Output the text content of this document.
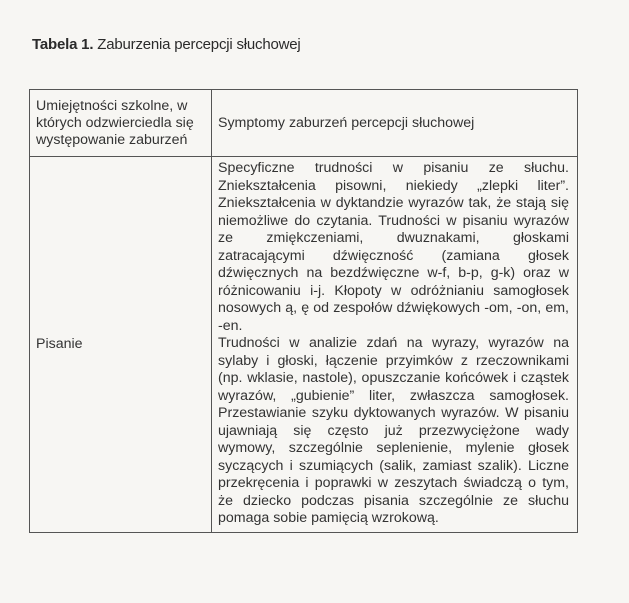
Tabela 1. Zaburzenia percepcji słuchowej
Umiejętności szkolne, w których odzwierciedla się występowanie zaburzeń	Symptomy zaburzeń percepcji słuchowej
Pisanie	Specyficzne trudności w pisaniu ze słuchu. Zniekształcenia pisowni, niekiedy „zlepki liter”. Zniekształcenia w dyktandzie wyrazów tak, że stają się niemożliwe do czytania. Trudności w pisaniu wyrazów ze zmiękczeniami, dwuznakami, głoskami zatracającymi dźwięczność (zamiana głosek dźwięcznych na bezdźwięczne w-f, b-p, g-k) oraz w różnicowaniu i-j. Kłopoty w odróżnianiu samogłosek nosowych ą, ę od zespołów dźwiękowych -om, -on, em, -en.

Trudności w analizie zdań na wyrazy, wyrazów na sylaby i głoski, łączenie przyimków z rzeczownikami (np. wklasie, nastole), opuszczanie końcówek i cząstek wyrazów, „gubienie” liter, zwłaszcza samogłosek. Przestawianie szyku dyktowanych wyrazów. W pisaniu ujawniają się często już przezwyciężone wady wymowy, szczególnie seplenienie, mylenie głosek syczących i szumiących (salik, zamiast szalik). Liczne przekręcenia i poprawki w zeszytach świadczą o tym, że dziecko podczas pisania szczególnie ze słuchu pomaga sobie pamięcią wzrokową.
